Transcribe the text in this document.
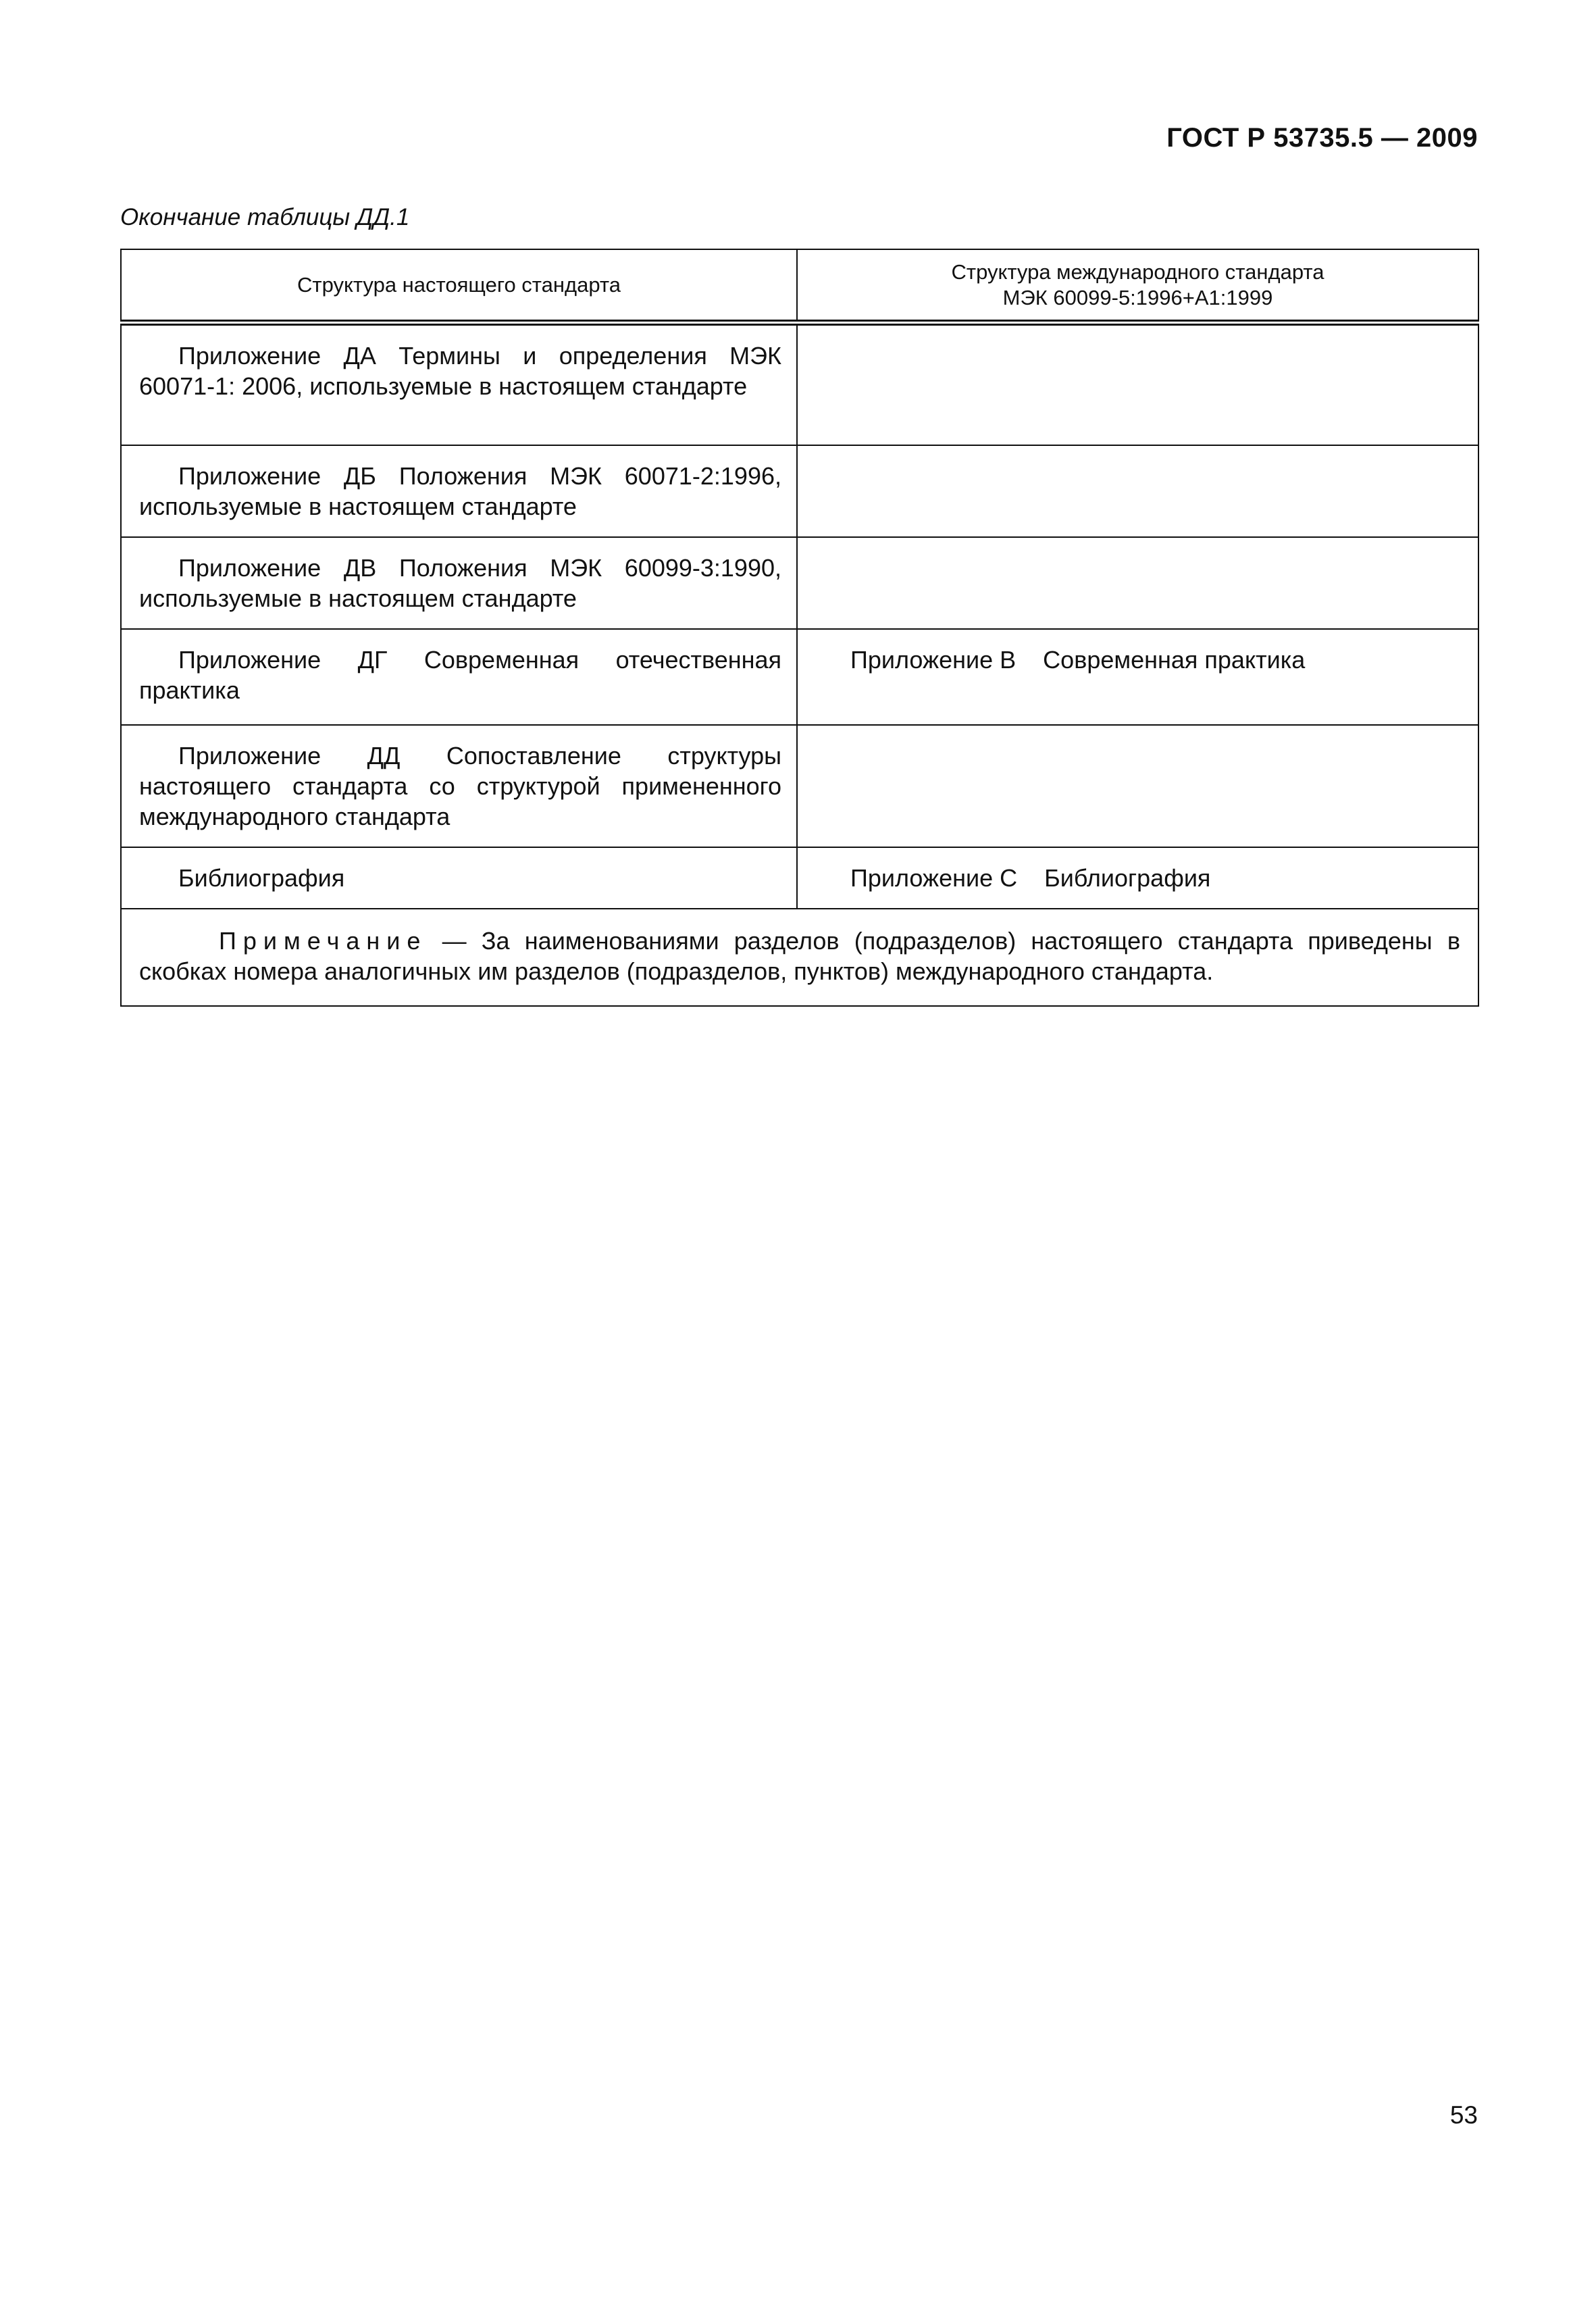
ГОСТ Р 53735.5 — 2009
Окончание таблицы ДД.1
Структура настоящего стандарта	Структура международного стандарта
МЭК 60099-5:1996+А1:1999

Приложение ДА Термины и определения МЭК 60071-1: 2006, используемые в настоящем стандарте	

Приложение ДБ Положения МЭК 60071-2:1996, используемые в настоящем стандарте	

Приложение ДВ Положения МЭК 60099-3:1990, используемые в настоящем стандарте	

Приложение ДГ Современная отечественная практика	Приложение В Современная практика

Приложение ДД Сопоставление структуры настоящего стандарта со структурой примененного международного стандарта	

Библиография	Приложение С Библиография

Примечание — За наименованиями разделов (подразделов) настоящего стандарта приведены в скобках номера аналогичных им разделов (подразделов, пунктов) международного стандарта.	
53
